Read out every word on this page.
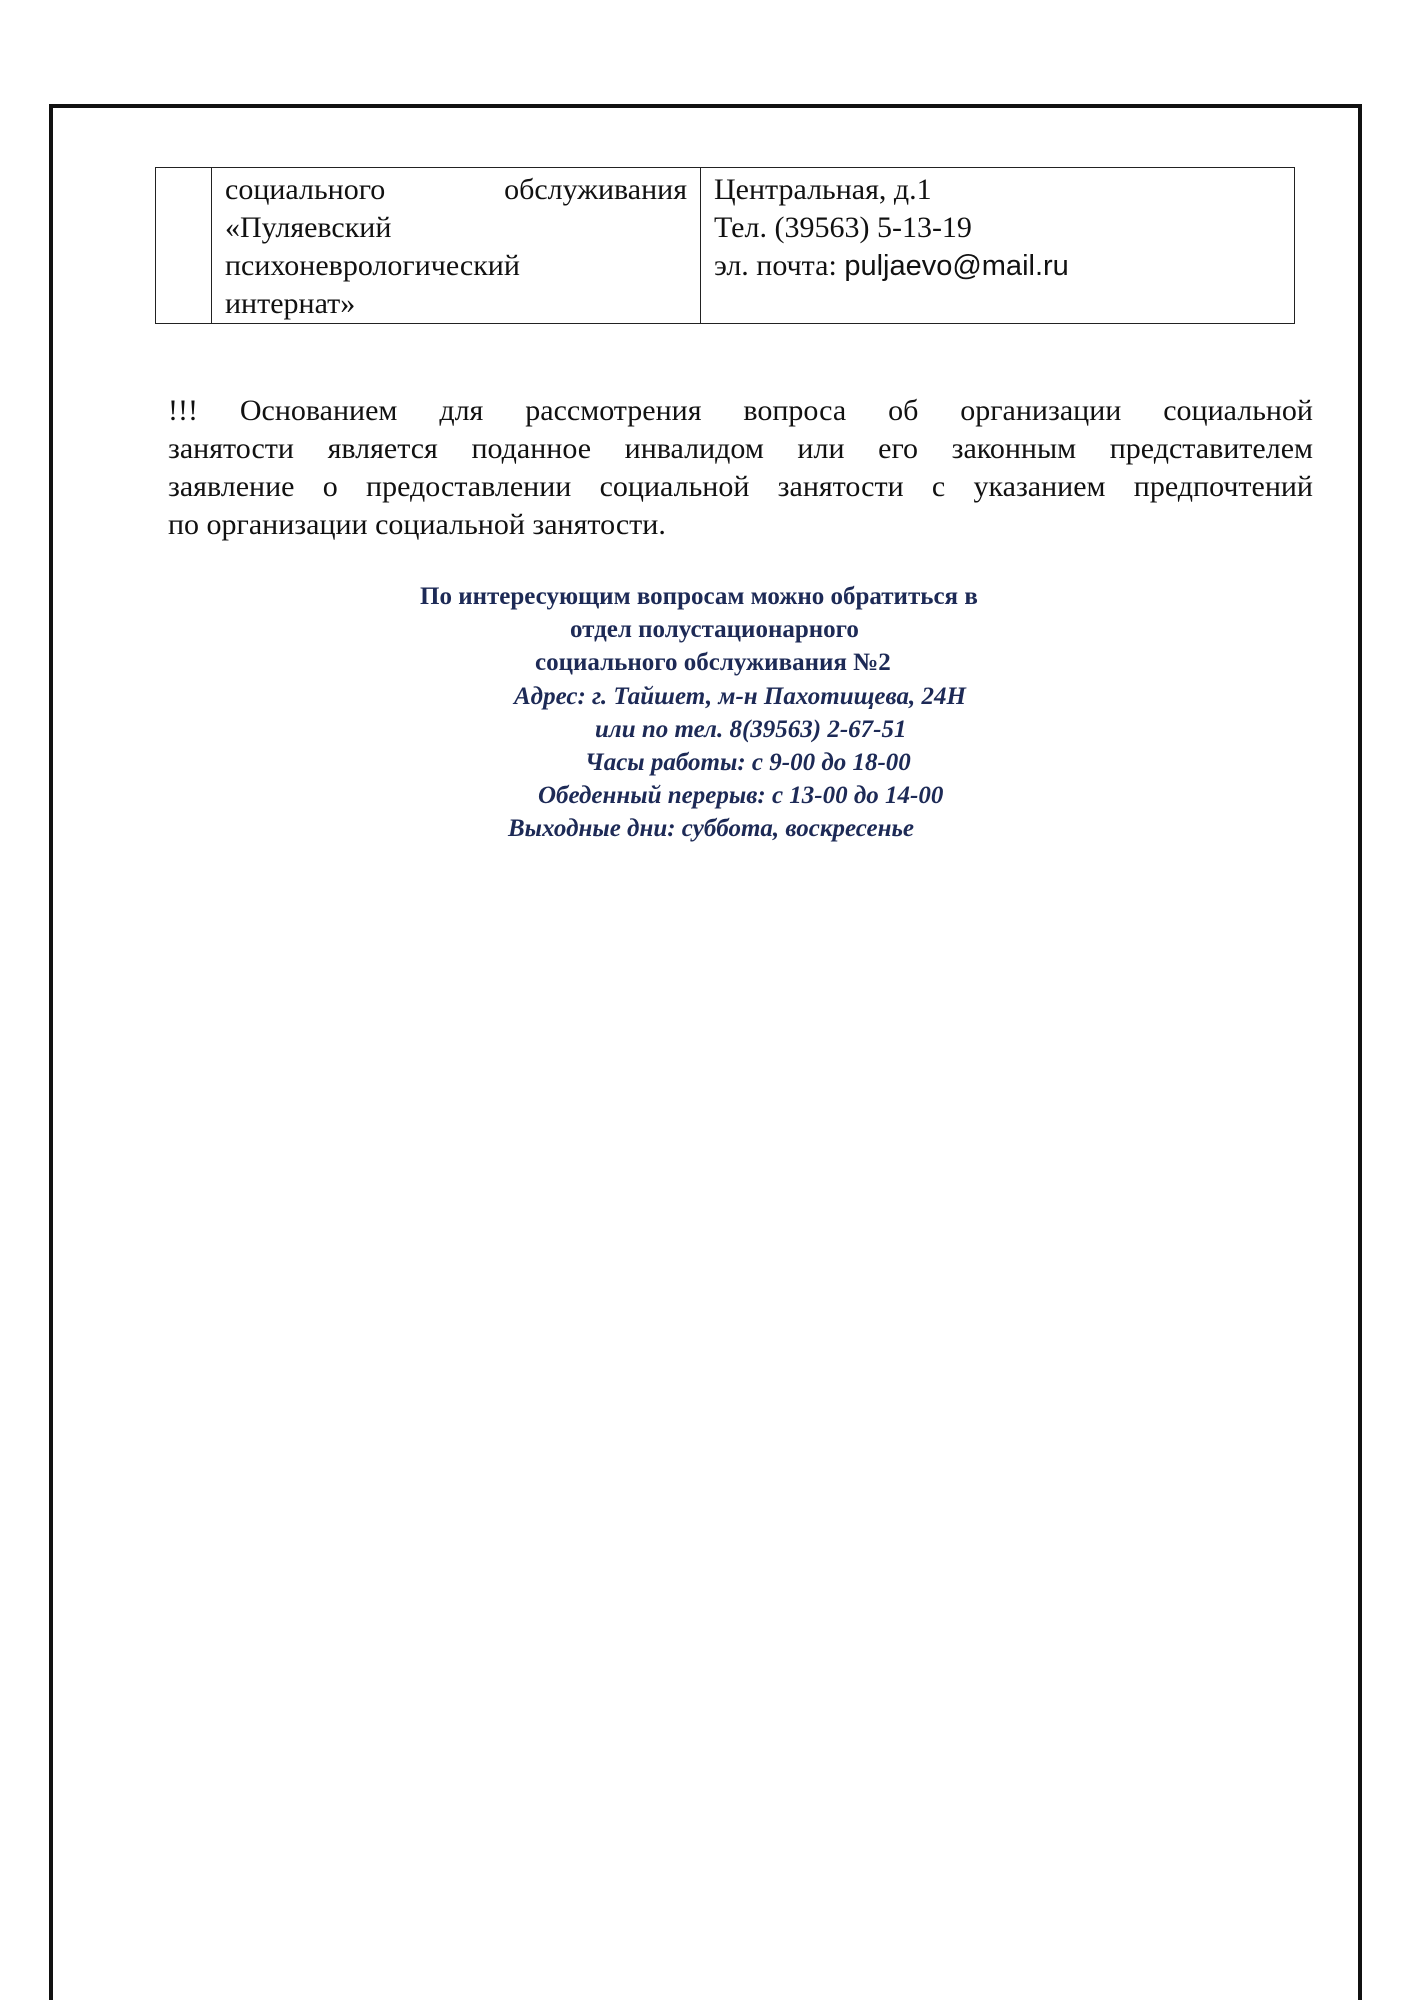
социального обслуживания
«Пуляевский
психоневрологический
интернат»

Центральная, д.1
Тел. (39563) 5-13-19
эл. почта: puljaevo@mail.ru

!!! Основанием для рассмотрения вопроса об организации социальной
занятости является поданное инвалидом или его законным представителем
заявление о предоставлении социальной занятости с указанием предпочтений
по организации социальной занятости.

По интересующим вопросам можно обратиться в
отдел полустационарного
социального обслуживания №2
Адрес: г. Тайшет, м-н Пахотищева, 24Н
или по тел. 8(39563) 2-67-51
Часы работы: с 9-00 до 18-00
Обеденный перерыв: с 13-00 до 14-00
Выходные дни: суббота, воскресенье
